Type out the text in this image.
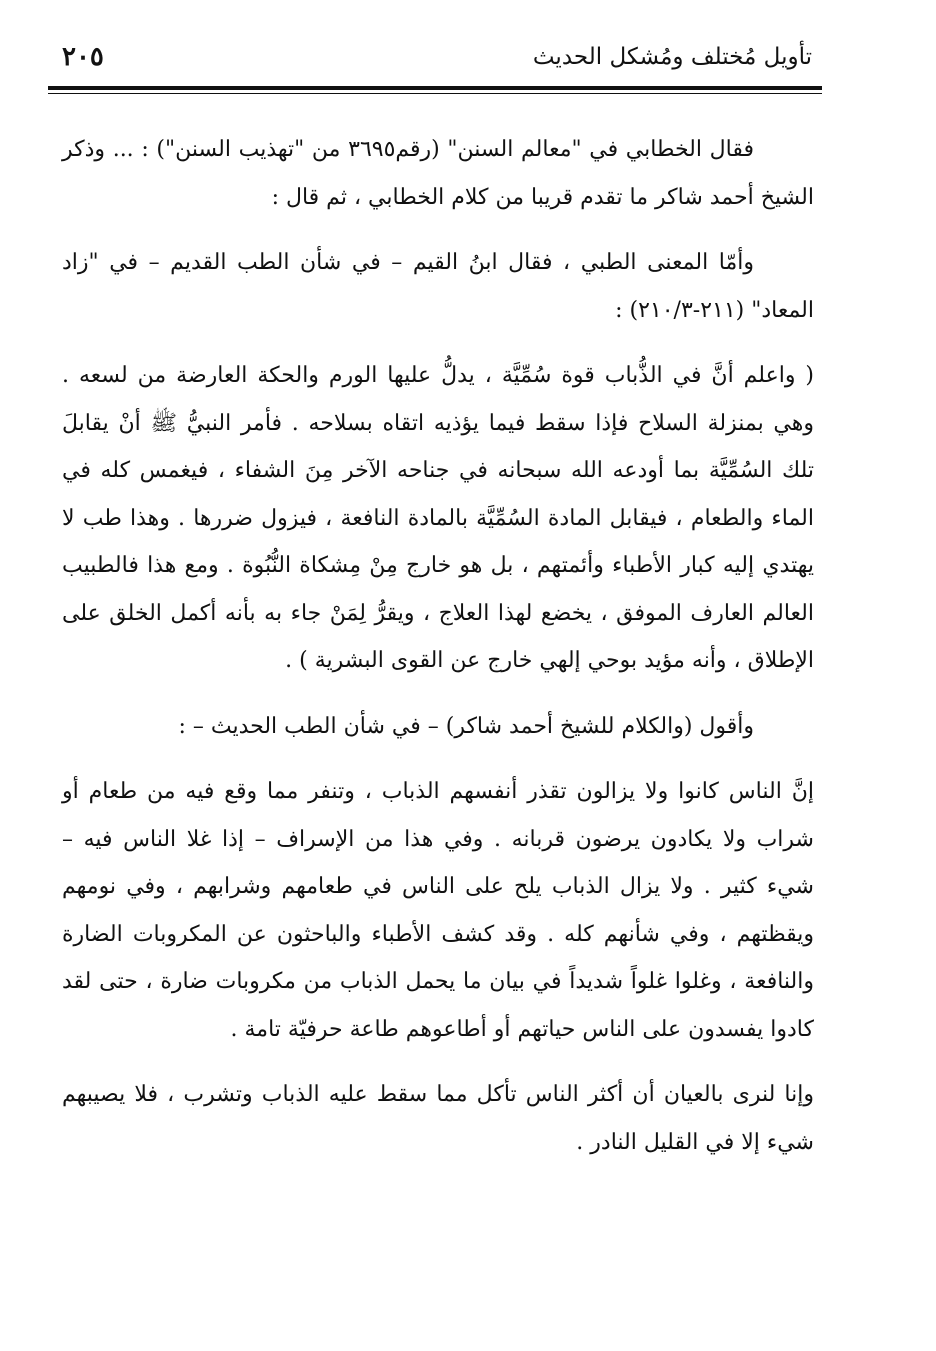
تأويل مُختلف ومُشكل الحديث
٢٠٥

فقال الخطابي في "معالم السنن" (رقم٣٦٩٥ من "تهذيب السنن") : ... وذكر الشيخ أحمد شاكر ما تقدم قريبا من كلام الخطابي ، ثم قال :

وأمّا المعنى الطبي ، فقال ابنُ القيم – في شأن الطب القديم – في "زاد المعاد" (٢١١-٢١٠/٣) :

( واعلم أنَّ في الذُّباب قوة سُمِّيَّة ، يدلُّ عليها الورم والحكة العارضة من لسعه . وهي بمنزلة السلاح فإذا سقط فيما يؤذيه اتقاه بسلاحه . فأمر النبيُّ ﷺ أنْ يقابلَ تلك السُمِّيَّة بما أودعه الله سبحانه في جناحه الآخر مِنَ الشفاء ، فيغمس كله في الماء والطعام ، فيقابل المادة السُمِّيَّة بالمادة النافعة ، فيزول ضررها . وهذا طب لا يهتدي إليه كبار الأطباء وأئمتهم ، بل هو خارج مِنْ مِشكاة النُّبُوة . ومع هذا فالطبيب العالم العارف الموفق ، يخضع لهذا العلاج ، ويقرُّ لِمَنْ جاء به بأنه أكمل الخلق على الإطلاق ، وأنه مؤيد بوحي إلهي خارج عن القوى البشرية ) .

وأقول (والكلام للشيخ أحمد شاكر) – في شأن الطب الحديث – :

إنَّ الناس كانوا ولا يزالون تقذر أنفسهم الذباب ، وتنفر مما وقع فيه من طعام أو شراب ولا يكادون يرضون قربانه . وفي هذا من الإسراف – إذا غلا الناس فيه – شيء كثير . ولا يزال الذباب يلح على الناس في طعامهم وشرابهم ، وفي نومهم ويقظتهم ، وفي شأنهم كله . وقد كشف الأطباء والباحثون عن المكروبات الضارة والنافعة ، وغلوا غلواً شديداً في بيان ما يحمل الذباب من مكروبات ضارة ، حتى لقد كادوا يفسدون على الناس حياتهم أو أطاعوهم طاعة حرفيّة تامة .

وإنا لنرى بالعيان أن أكثر الناس تأكل مما سقط عليه الذباب وتشرب ، فلا يصيبهم شيء إلا في القليل النادر .
